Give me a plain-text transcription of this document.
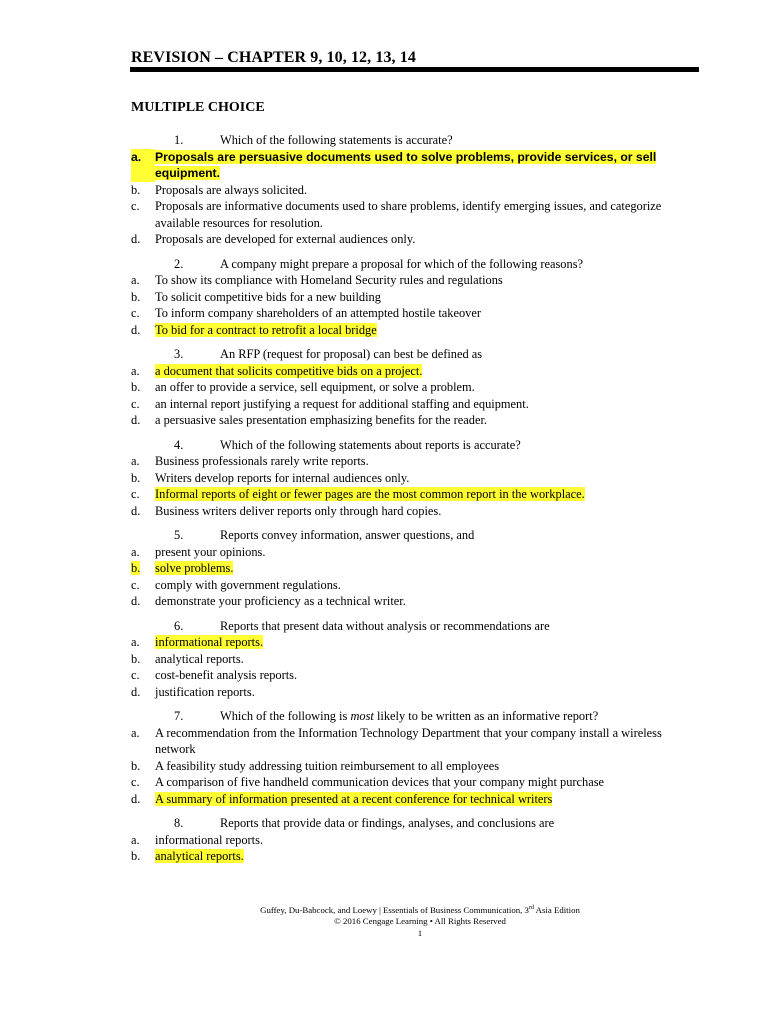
REVISION – CHAPTER 9, 10, 12, 13, 14
MULTIPLE CHOICE
1.	Which of the following statements is accurate?
a.	Proposals are persuasive documents used to solve problems, provide services, or sell equipment.
b.	Proposals are always solicited.
c.	Proposals are informative documents used to share problems, identify emerging issues, and categorize available resources for resolution.
d.	Proposals are developed for external audiences only.
2.	A company might prepare a proposal for which of the following reasons?
a.	To show its compliance with Homeland Security rules and regulations
b.	To solicit competitive bids for a new building
c.	To inform company shareholders of an attempted hostile takeover
d.	To bid for a contract to retrofit a local bridge
3.	An RFP (request for proposal) can best be defined as
a.	a document that solicits competitive bids on a project.
b.	an offer to provide a service, sell equipment, or solve a problem.
c.	an internal report justifying a request for additional staffing and equipment.
d.	a persuasive sales presentation emphasizing benefits for the reader.
4.	Which of the following statements about reports is accurate?
a.	Business professionals rarely write reports.
b.	Writers develop reports for internal audiences only.
c.	Informal reports of eight or fewer pages are the most common report in the workplace.
d.	Business writers deliver reports only through hard copies.
5.	Reports convey information, answer questions, and
a.	present your opinions.
b.	solve problems.
c.	comply with government regulations.
d.	demonstrate your proficiency as a technical writer.
6.	Reports that present data without analysis or recommendations are
a.	informational reports.
b.	analytical reports.
c.	cost-benefit analysis reports.
d.	justification reports.
7.	Which of the following is most likely to be written as an informative report?
a.	A recommendation from the Information Technology Department that your company install a wireless network
b.	A feasibility study addressing tuition reimbursement to all employees
c.	A comparison of five handheld communication devices that your company might purchase
d.	A summary of information presented at a recent conference for technical writers
8.	Reports that provide data or findings, analyses, and conclusions are
a.	informational reports.
b.	analytical reports.
Guffey, Du-Babcock, and Loewy | Essentials of Business Communication, 3rd Asia Edition
© 2016 Cengage Learning • All Rights Reserved
1
